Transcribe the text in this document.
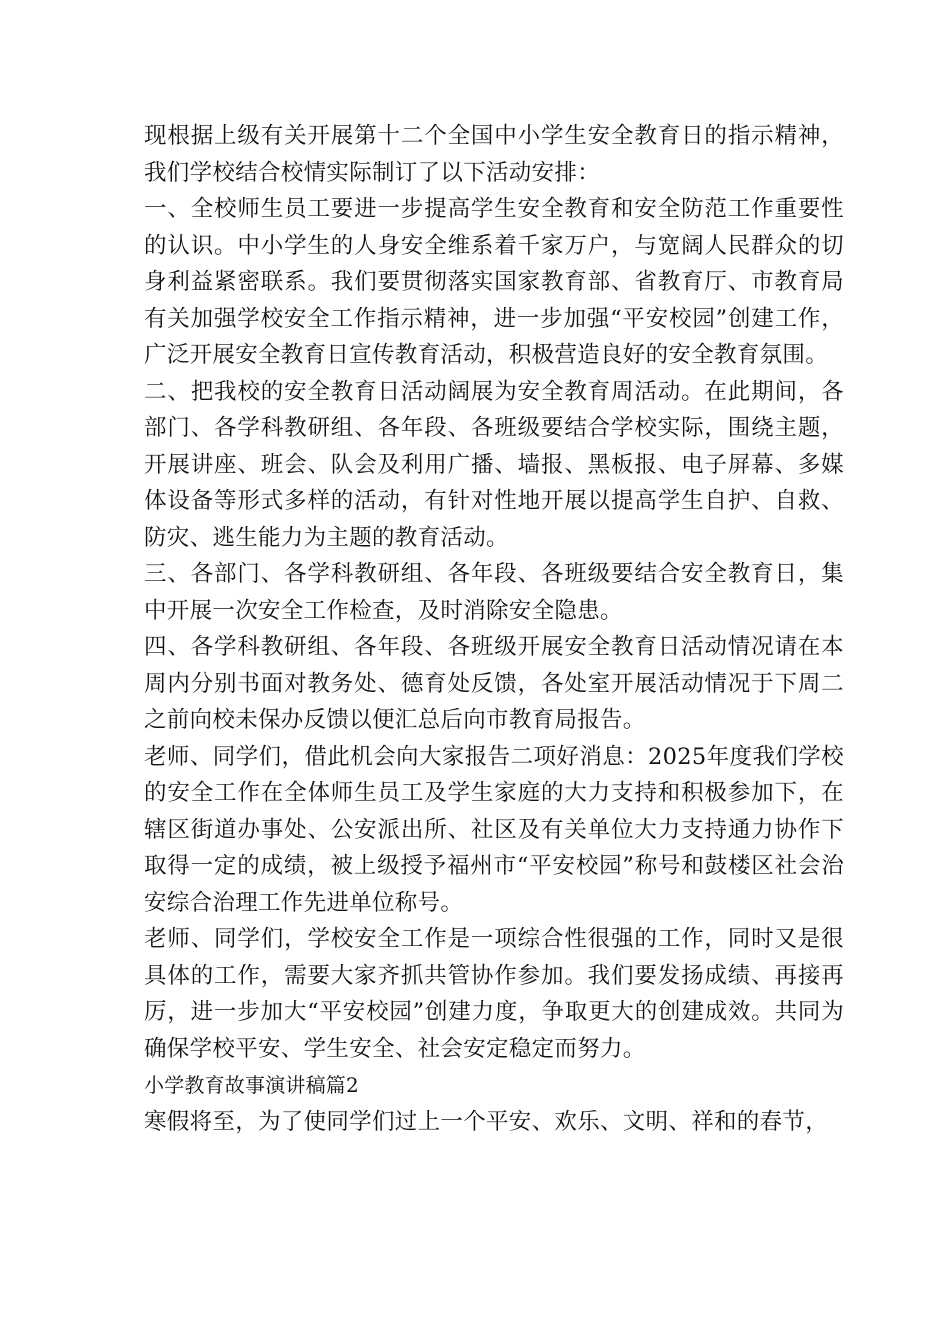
现根据上级有关开展第十二个全国中小学生安全教育日的指示精神，我们学校结合校情实际制订了以下活动安排：

一、全校师生员工要进一步提高学生安全教育和安全防范工作重要性的认识。中小学生的人身安全维系着千家万户，与宽阔人民群众的切身利益紧密联系。我们要贯彻落实国家教育部、省教育厅、市教育局有关加强学校安全工作指示精神，进一步加强“平安校园”创建工作，广泛开展安全教育日宣传教育活动，积极营造良好的安全教育氛围。

二、把我校的安全教育日活动阔展为安全教育周活动。在此期间，各部门、各学科教研组、各年段、各班级要结合学校实际，围绕主题，开展讲座、班会、队会及利用广播、墙报、黑板报、电子屏幕、多媒体设备等形式多样的活动，有针对性地开展以提高学生自护、自救、防灾、逃生能力为主题的教育活动。

三、各部门、各学科教研组、各年段、各班级要结合安全教育日，集中开展一次安全工作检查，及时消除安全隐患。

四、各学科教研组、各年段、各班级开展安全教育日活动情况请在本周内分别书面对教务处、德育处反馈，各处室开展活动情况于下周二之前向校未保办反馈以便汇总后向市教育局报告。

老师、同学们，借此机会向大家报告二项好消息：2025年度我们学校的安全工作在全体师生员工及学生家庭的大力支持和积极参加下，在辖区街道办事处、公安派出所、社区及有关单位大力支持通力协作下取得一定的成绩，被上级授予福州市“平安校园”称号和鼓楼区社会治安综合治理工作先进单位称号。

老师、同学们，学校安全工作是一项综合性很强的工作，同时又是很具体的工作，需要大家齐抓共管协作参加。我们要发扬成绩、再接再厉，进一步加大“平安校园”创建力度，争取更大的创建成效。共同为确保学校平安、学生安全、社会安定稳定而努力。

小学教育故事演讲稿篇2

寒假将至，为了使同学们过上一个平安、欢乐、文明、祥和的春节，
